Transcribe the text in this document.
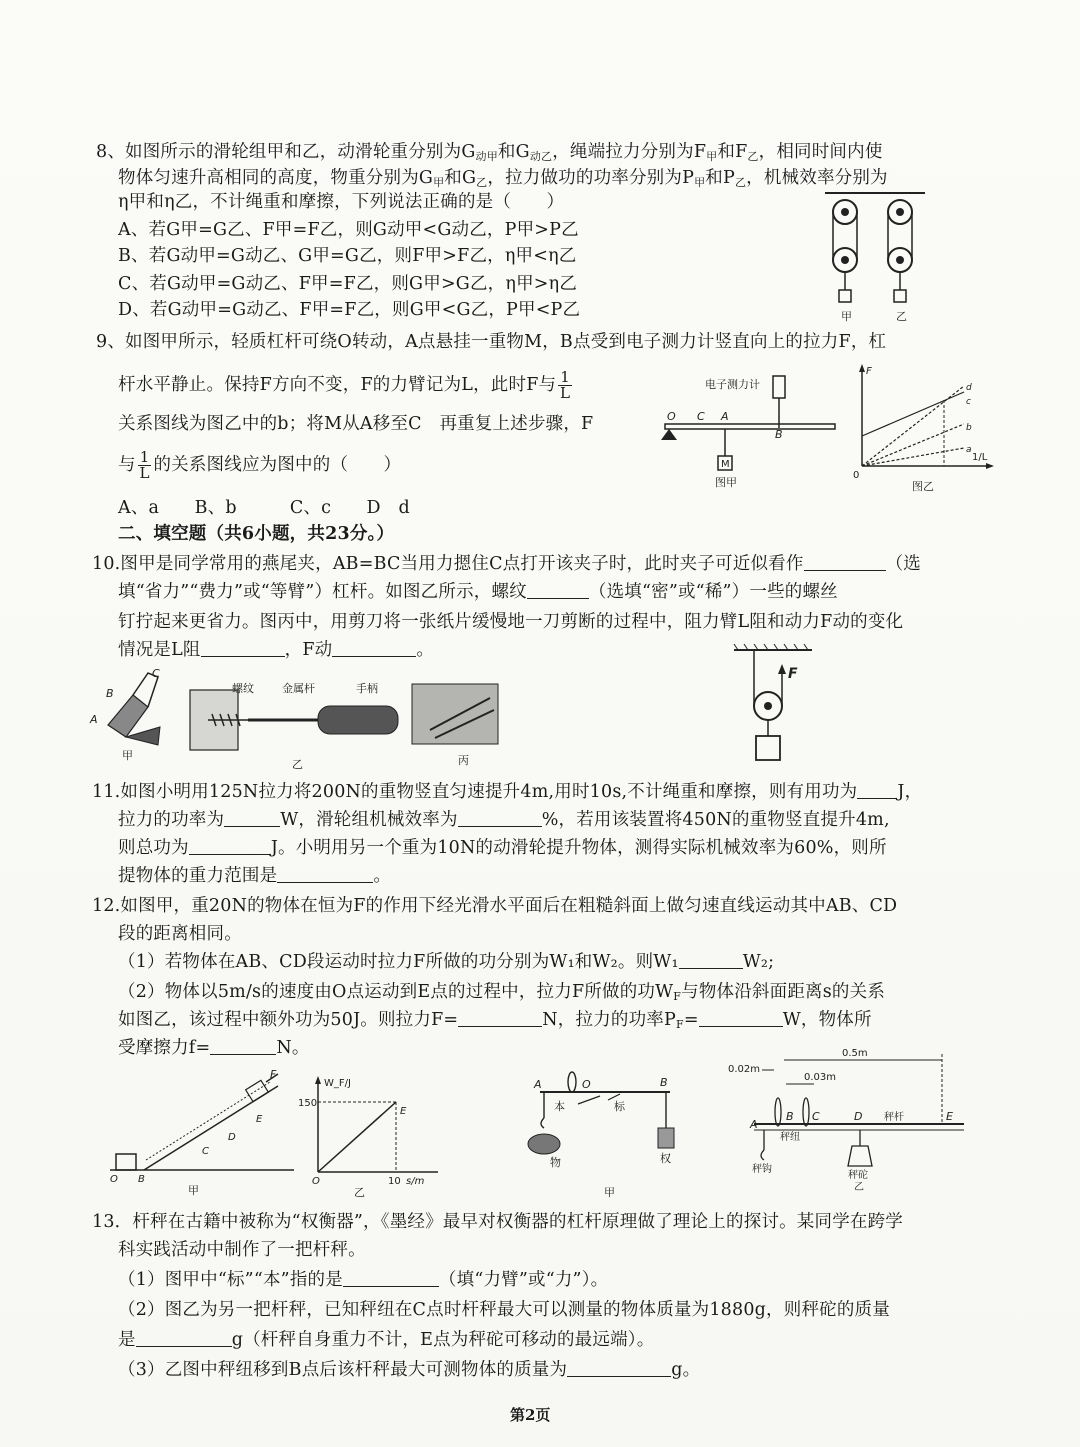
8、如图所示的滑轮组甲和乙，动滑轮重分别为$G_{动甲}$和$G_{动乙}$，绳端拉力分别为$F_甲$和$F_乙$，相同时间内使
物体匀速升高相同的高度，物重分别为$G_甲$和$G_乙$，拉力做功的功率分别为$P_甲$和$P_乙$，机械效率分别为
η甲和η乙，不计绳重和摩擦，下列说法正确的是（　　）
A、若G甲=G乙、F甲=F乙，则G动甲<G动乙，P甲>P乙
B、若G动甲=G动乙、G甲=G乙，则F甲>F乙，η甲<η乙
C、若G动甲=G动乙、F甲=F乙，则G甲>G乙，η甲>η乙
D、若G动甲=G动乙、F甲=F乙，则G甲<G乙，P甲<P乙	甲	乙
9、如图甲所示，轻质杠杆可绕O转动，A点悬挂一重物M，B点受到电子测力计竖直向上的拉力F，杠
杆水平静止。保持F方向不变，F的力臂记为L，此时F与 $\frac{1}{L}$
关系图线为图乙中的b；将M从A移至C　再重复上述步骤，F
与 $\frac{1}{L}$ 的关系图线应为图中的（　　）
A、a　　B、b　　　C、c　　D　d
电子测力计
O C A
B
M
图甲
F
1/L
0
c
b
a
d
图乙
二、填空题（共6小题，共23分。）
10.图甲是同学常用的燕尾夹，AB=BC当用力摁住C点打开该夹子时，此时夹子可近似看作	（选
填“省力”“费力”或“等臂”）杠杆。如图乙所示，螺纹	（选填“密”或“稀”）一些的螺丝
钉拧起来更省力。图丙中，用剪刀将一张纸片缓慢地一刀剪断的过程中，阻力臂L阻和动力F动的变化
情况是L阻	，F动	。
B
C
A
甲
螺纹	金属杆	手柄
乙	丙
F
11.如图小明用125N拉力将200N的重物竖直匀速提升4m,用时10s,不计绳重和摩擦，则有用功为 J，
拉力的功率为	W，滑轮组机械效率为	%，若用该装置将450N的重物竖直提升4m,
则总功为	J。小明用另一个重为10N的动滑轮提升物体，测得实际机械效率为60%，则所
提物体的重力范围是	。
12.如图甲，重20N的物体在恒为F的作用下经光滑水平面后在粗糙斜面上做匀速直线运动其中AB、CD
段的距离相同。
（1）若物体在AB、CD段运动时拉力F所做的功分别为W₁和W₂。则W₁	W₂;
（2）物体以5m/s的速度由O点运动到E点的过程中，拉力F所做的功$W_F$与物体沿斜面距离s的关系
如图乙，该过程中额外功为50J。则拉力F=	N，拉力的功率$P_F=$	W，物体所
受摩擦力f=	N。
F
E
D
C
O B
甲
W_F/J
150
E
O	10 s/m
乙
A	O	B
本	标
物	权
甲
0.02m
0.5m
0.03m
A
B C	D	E
秤纽
秤钩
秤杆
秤砣
乙
13．杆秤在古籍中被称为“权衡器”，《墨经》最早对权衡器的杠杆原理做了理论上的探讨。某同学在跨学
科实践活动中制作了一把杆秤。
（1）图甲中“标”“本”指的是	（填“力臂”或“力”）。
（2）图乙为另一把杆秤，已知秤纽在C点时杆秤最大可以测量的物体质量为1880g，则秤砣的质量
是	g（杆秤自身重力不计，E点为秤砣可移动的最远端）。
（3）乙图中秤纽移到B点后该杆秤最大可测物体的质量为	g。
第2页
